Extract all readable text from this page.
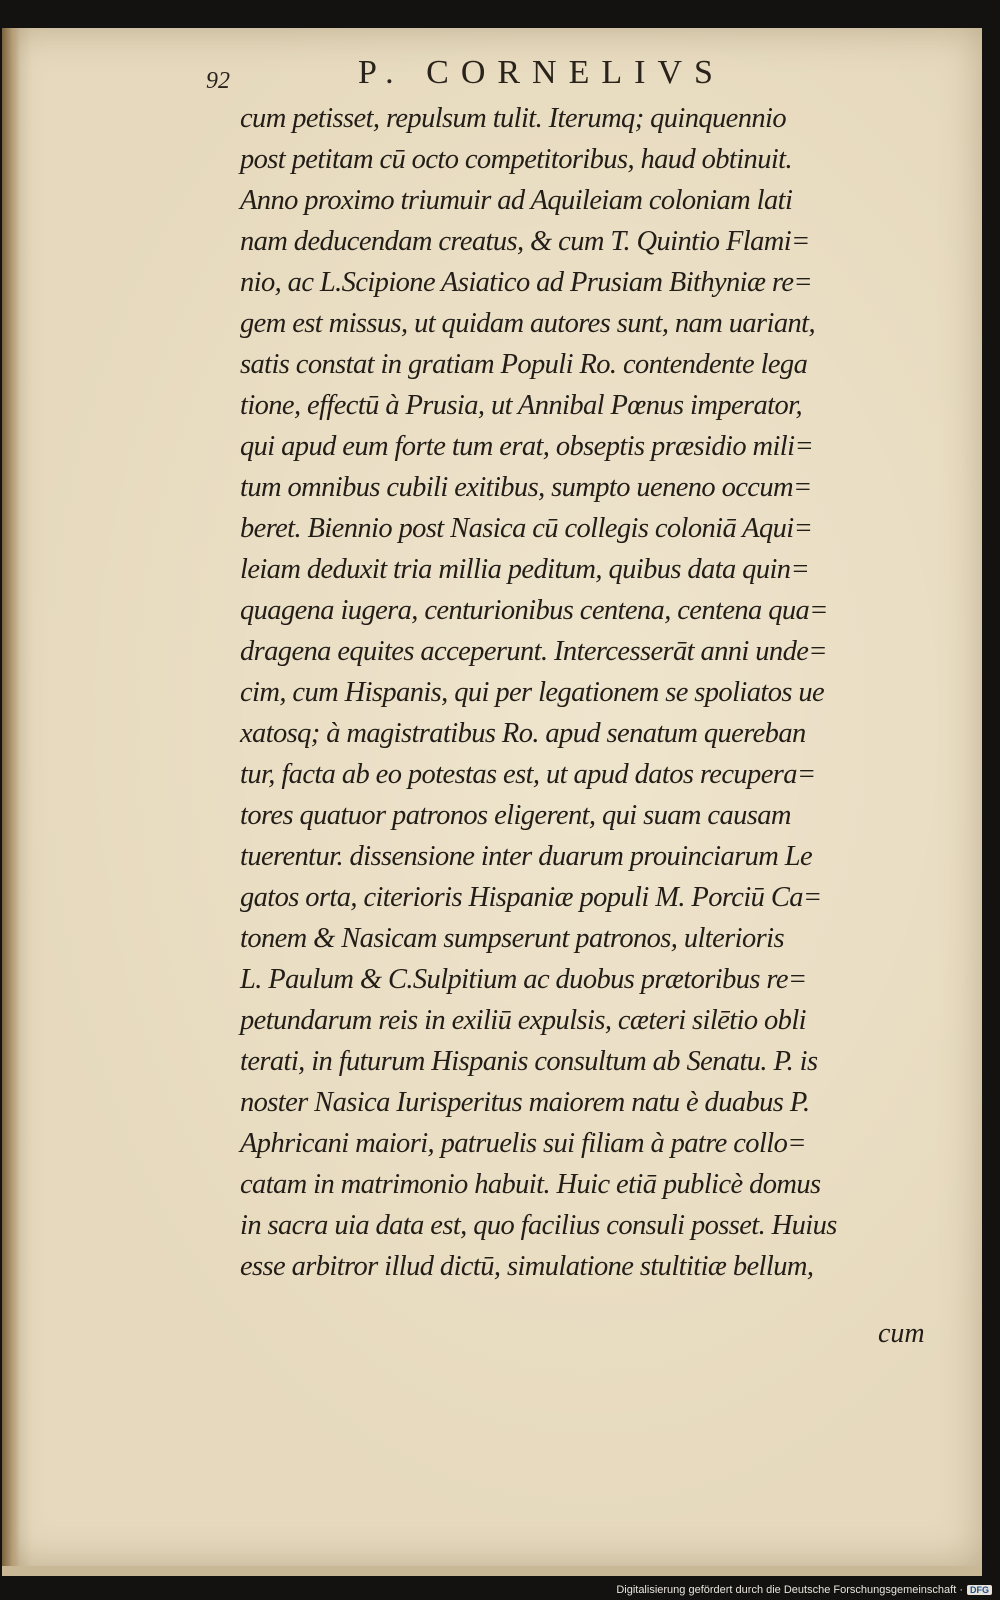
92	P. CORNELIVS
cum petisset, repulsum tulit. Iterumq; quinquennio
post petitam cū octo competitoribus, haud obtinuit.
Anno proximo triumuir ad Aquileiam coloniam lati
nam deducendam creatus, & cum T. Quintio Flami=
nio, ac L.Scipione Asiatico ad Prusiam Bithyniæ re=
gem est missus, ut quidam autores sunt, nam uariant,
satis constat in gratiam Populi Ro. contendente lega
tione, effectū à Prusia, ut Annibal Pœnus imperator,
qui apud eum forte tum erat, obseptis præsidio mili=
tum omnibus cubili exitibus, sumpto ueneno occum=
beret. Biennio post Nasica cū collegis coloniā Aqui=
leiam deduxit tria millia peditum, quibus data quin=
quagena iugera, centurionibus centena, centena qua=
dragena equites acceperunt. Intercesserāt anni unde=
cim, cum Hispanis, qui per legationem se spoliatos ue
xatosq; à magistratibus Ro. apud senatum quereban
tur, facta ab eo potestas est, ut apud datos recupera=
tores quatuor patronos eligerent, qui suam causam
tuerentur. dissensione inter duarum prouinciarum Le
gatos orta, citerioris Hispaniæ populi M. Porciū Ca=
tonem & Nasicam sumpserunt patronos, ulterioris
L. Paulum & C.Sulpitium ac duobus prætoribus re=
petundarum reis in exiliū expulsis, cæteri silētio obli
terati, in futurum Hispanis consultum ab Senatu. P. is
noster Nasica Iurisperitus maiorem natu è duabus P.
Aphricani maiori, patruelis sui filiam à patre collo=
catam in matrimonio habuit. Huic etiā publicè domus
in sacra uia data est, quo facilius consuli posset. Huius
esse arbitror illud dictū, simulatione stultitiæ bellum,
cum
Digitalisierung gefördert durch die Deutsche Forschungsgemeinschaft · DFG
